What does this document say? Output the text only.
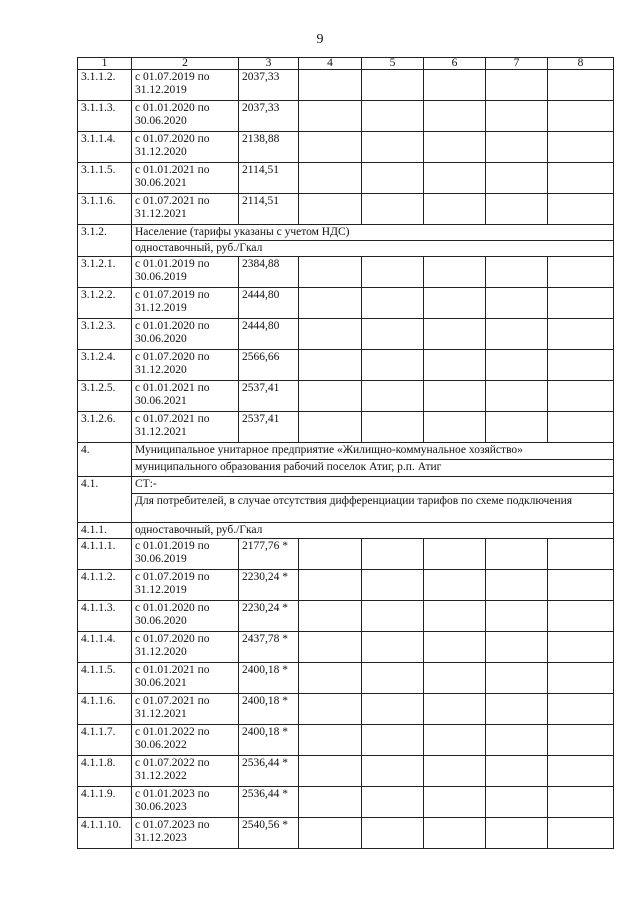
9
1	2	3	4	5	6	7	8
3.1.1.2.	с 01.07.2019 по 31.12.2019	2037,33					
3.1.1.3.	с 01.01.2020 по 30.06.2020	2037,33					
3.1.1.4.	с 01.07.2020 по 31.12.2020	2138,88					
3.1.1.5.	с 01.01.2021 по 30.06.2021	2114,51					
3.1.1.6.	с 01.07.2021 по 31.12.2021	2114,51					
3.1.2.	Население (тарифы указаны с учетом НДС)						
	одноставочный, руб./Гкал						
3.1.2.1.	с 01.01.2019 по 30.06.2019	2384,88					
3.1.2.2.	с 01.07.2019 по 31.12.2019	2444,80					
3.1.2.3.	с 01.01.2020 по 30.06.2020	2444,80					
3.1.2.4.	с 01.07.2020 по 31.12.2020	2566,66					
3.1.2.5.	с 01.01.2021 по 30.06.2021	2537,41					
3.1.2.6.	с 01.07.2021 по 31.12.2021	2537,41					
4.	Муниципальное унитарное предприятие «Жилищно-коммунальное хозяйство»						
	муниципального образования рабочий поселок Атиг, р.п. Атиг						
4.1.	СТ:-						
	Для потребителей, в случае отсутствия дифференциации тарифов по схеме подключения						
4.1.1.	одноставочный, руб./Гкал						
4.1.1.1.	с 01.01.2019 по 30.06.2019	2177,76 *					
4.1.1.2.	с 01.07.2019 по 31.12.2019	2230,24 *					
4.1.1.3.	с 01.01.2020 по 30.06.2020	2230,24 *					
4.1.1.4.	с 01.07.2020 по 31.12.2020	2437,78 *					
4.1.1.5.	с 01.01.2021 по 30.06.2021	2400,18 *					
4.1.1.6.	с 01.07.2021 по 31.12.2021	2400,18 *					
4.1.1.7.	с 01.01.2022 по 30.06.2022	2400,18 *					
4.1.1.8.	с 01.07.2022 по 31.12.2022	2536,44 *					
4.1.1.9.	с 01.01.2023 по 30.06.2023	2536,44 *					
4.1.1.10.	с 01.07.2023 по 31.12.2023	2540,56 *					
